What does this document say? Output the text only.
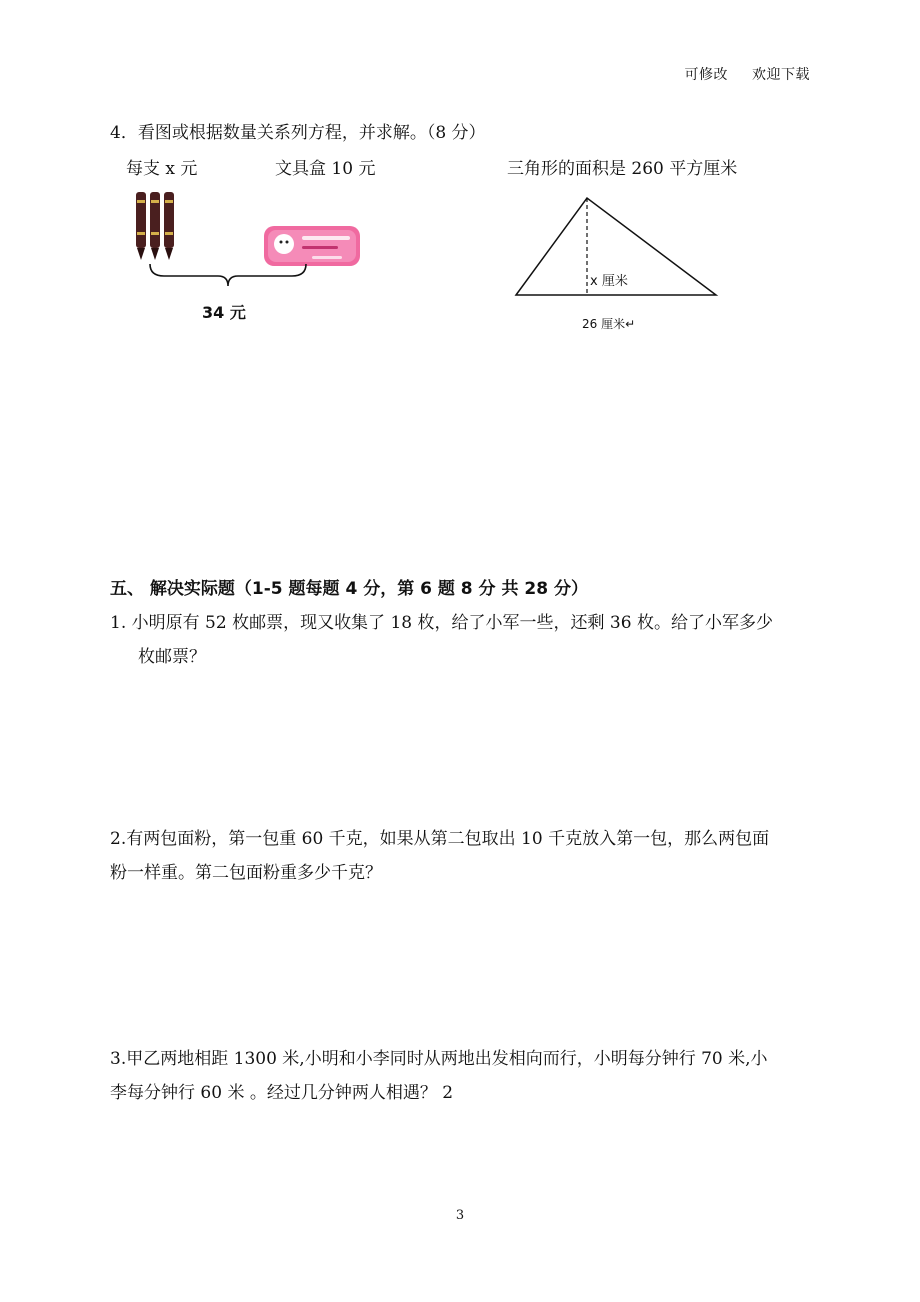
可修改 欢迎下载
4．看图或根据数量关系列方程，并求解。（8 分）
每支 x 元	文具盒 10 元	三角形的面积是 260 平方厘米
34 元
x 厘米
26 厘米↵
五、 解决实际题（1-5 题每题 4 分，第 6 题 8 分 共 28 分）
1. 小明原有 52 枚邮票，现又收集了 18 枚，给了小军一些，还剩 36 枚。给了小军多少
枚邮票？
2.有两包面粉，第一包重 60 千克，如果从第二包取出 10 千克放入第一包，那么两包面
粉一样重。第二包面粉重多少千克？
3.甲乙两地相距 1300 米,小明和小李同时从两地出发相向而行，小明每分钟行 70 米,小
李每分钟行 60 米 。经过几分钟两人相遇？ 2
3
